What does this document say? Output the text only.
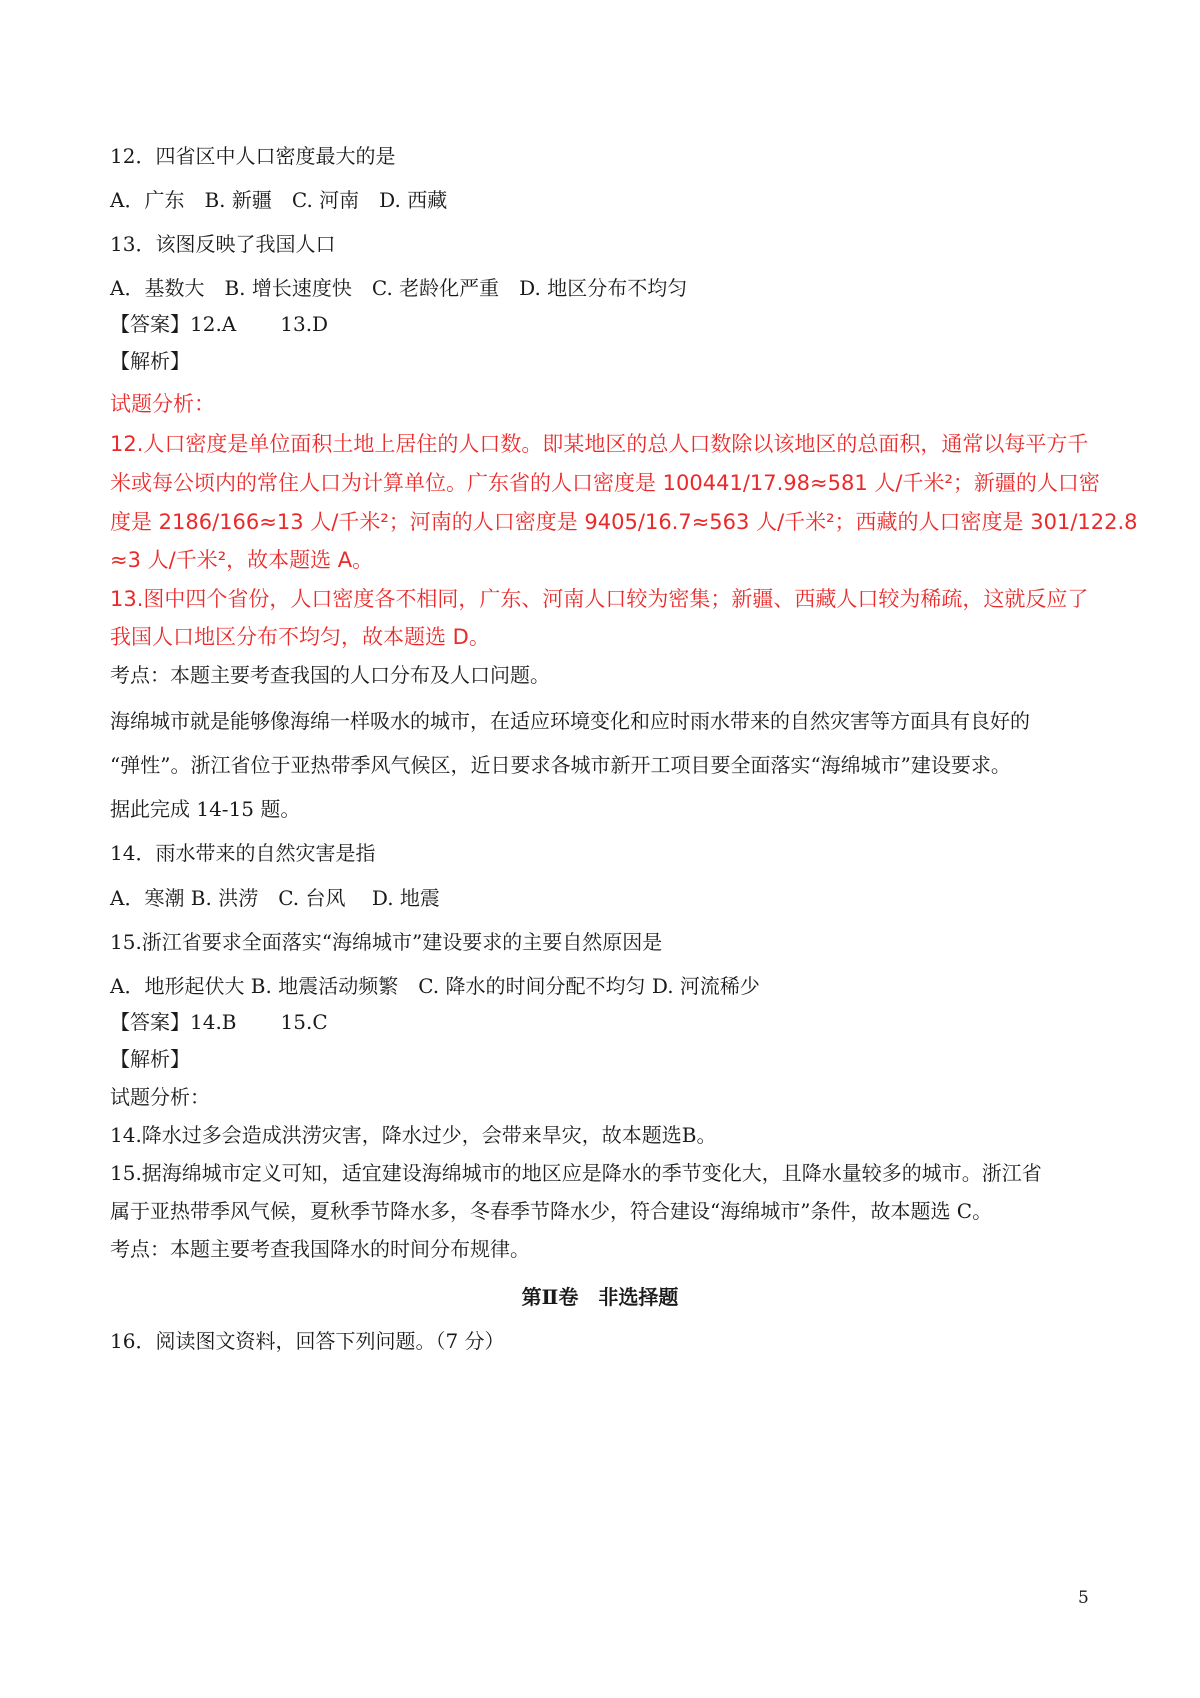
12．四省区中人口密度最大的是
A．广东　B. 新疆　C. 河南　D. 西藏
13．该图反映了我国人口
A．基数大　B. 增长速度快　C. 老龄化严重　D. 地区分布不均匀
【答案】12.A 13.D
【解析】
试题分析：
12.人口密度是单位面积土地上居住的人口数。即某地区的总人口数除以该地区的总面积，通常以每平方千
米或每公顷内的常住人口为计算单位。广东省的人口密度是 100441/17.98≈581 人/千米²；新疆的人口密
度是 2186/166≈13 人/千米²；河南的人口密度是 9405/16.7≈563 人/千米²；西藏的人口密度是 301/122.8
≈3 人/千米²，故本题选 A。
13.图中四个省份，人口密度各不相同，广东、河南人口较为密集；新疆、西藏人口较为稀疏，这就反应了
我国人口地区分布不均匀，故本题选 D。
考点：本题主要考查我国的人口分布及人口问题。
海绵城市就是能够像海绵一样吸水的城市，在适应环境变化和应时雨水带来的自然灾害等方面具有良好的
“弹性”。浙江省位于亚热带季风气候区，近日要求各城市新开工项目要全面落实“海绵城市”建设要求。
据此完成 14-15 题。
14．雨水带来的自然灾害是指
A．寒潮 B. 洪涝　C. 台风　 D. 地震
15.浙江省要求全面落实“海绵城市”建设要求的主要自然原因是
A．地形起伏大 B. 地震活动频繁　C. 降水的时间分配不均匀 D. 河流稀少
【答案】14.B 15.C
【解析】
试题分析：
14.降水过多会造成洪涝灾害，降水过少，会带来旱灾，故本题选B。
15.据海绵城市定义可知，适宜建设海绵城市的地区应是降水的季节变化大，且降水量较多的城市。浙江省
属于亚热带季风气候，夏秋季节降水多，冬春季节降水少，符合建设“海绵城市”条件，故本题选 C。
考点：本题主要考查我国降水的时间分布规律。
第Ⅱ卷　非选择题
16．阅读图文资料，回答下列问题。（7 分）
5
